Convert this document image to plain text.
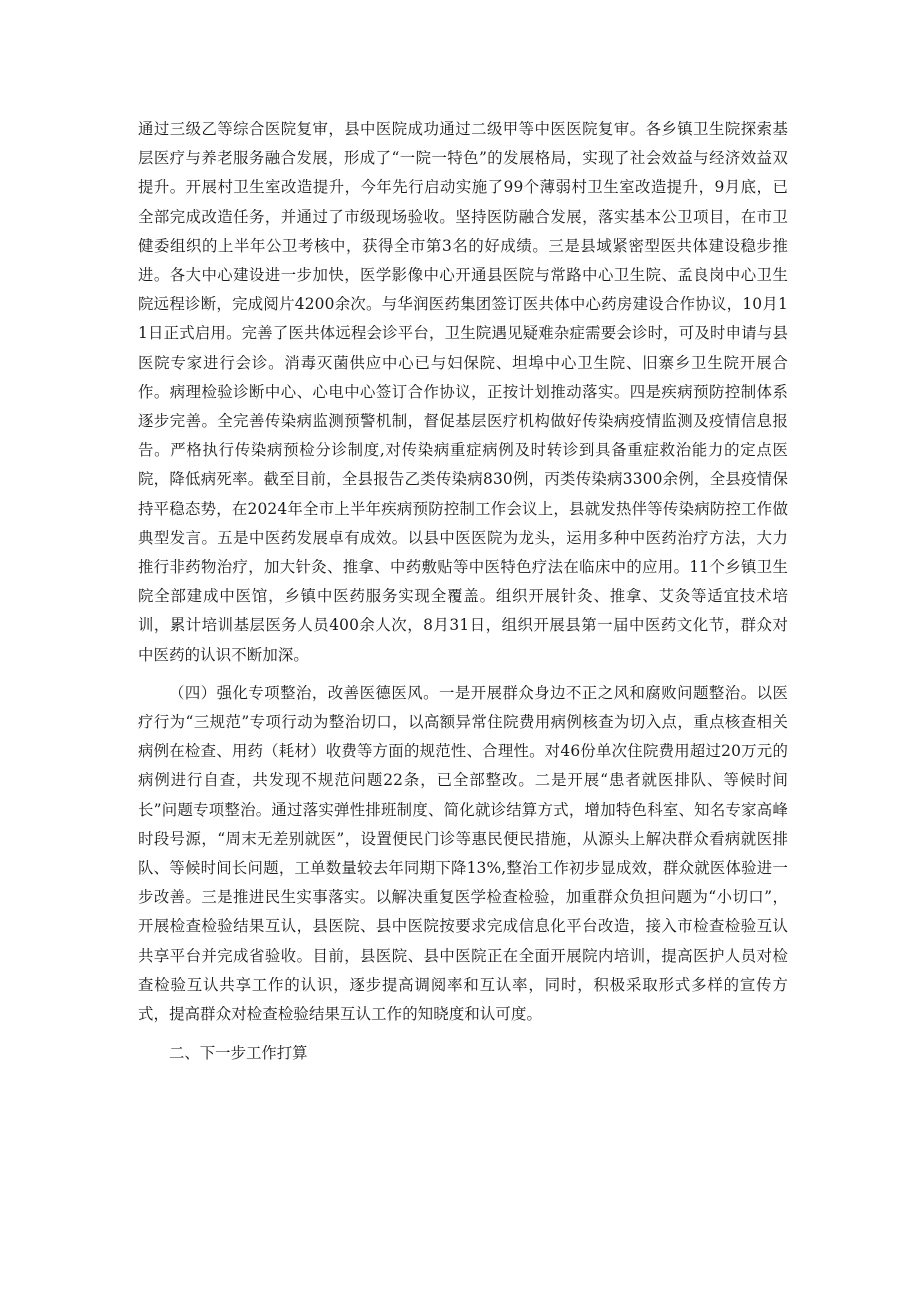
通过三级乙等综合医院复审，县中医院成功通过二级甲等中医医院复审。各乡镇卫生院探索基层医疗与养老服务融合发展，形成了“一院一特色”的发展格局，实现了社会效益与经济效益双提升。开展村卫生室改造提升，今年先行启动实施了99个薄弱村卫生室改造提升，9月底，已全部完成改造任务，并通过了市级现场验收。坚持医防融合发展，落实基本公卫项目，在市卫健委组织的上半年公卫考核中，获得全市第3名的好成绩。三是县域紧密型医共体建设稳步推进。各大中心建设进一步加快，医学影像中心开通县医院与常路中心卫生院、孟良岗中心卫生院远程诊断，完成阅片4200余次。与华润医药集团签订医共体中心药房建设合作协议，10月11日正式启用。完善了医共体远程会诊平台，卫生院遇见疑难杂症需要会诊时，可及时申请与县医院专家进行会诊。消毒灭菌供应中心已与妇保院、坦埠中心卫生院、旧寨乡卫生院开展合作。病理检验诊断中心、心电中心签订合作协议，正按计划推动落实。四是疾病预防控制体系逐步完善。全完善传染病监测预警机制，督促基层医疗机构做好传染病疫情监测及疫情信息报告。严格执行传染病预检分诊制度,对传染病重症病例及时转诊到具备重症救治能力的定点医院，降低病死率。截至目前，全县报告乙类传染病830例，丙类传染病3300余例，全县疫情保持平稳态势，在2024年全市上半年疾病预防控制工作会议上，县就发热伴等传染病防控工作做典型发言。五是中医药发展卓有成效。以县中医医院为龙头，运用多种中医药治疗方法，大力推行非药物治疗，加大针灸、推拿、中药敷贴等中医特色疗法在临床中的应用。11个乡镇卫生院全部建成中医馆，乡镇中医药服务实现全覆盖。组织开展针灸、推拿、艾灸等适宜技术培训，累计培训基层医务人员400余人次，8月31日，组织开展县第一届中医药文化节，群众对中医药的认识不断加深。

（四）强化专项整治，改善医德医风。一是开展群众身边不正之风和腐败问题整治。以医疗行为“三规范”专项行动为整治切口，以高额异常住院费用病例核查为切入点，重点核查相关病例在检查、用药（耗材）收费等方面的规范性、合理性。对46份单次住院费用超过20万元的病例进行自查，共发现不规范问题22条，已全部整改。二是开展“患者就医排队、等候时间长”问题专项整治。通过落实弹性排班制度、简化就诊结算方式，增加特色科室、知名专家高峰时段号源，“周末无差别就医”，设置便民门诊等惠民便民措施，从源头上解决群众看病就医排队、等候时间长问题，工单数量较去年同期下降13%,整治工作初步显成效，群众就医体验进一步改善。三是推进民生实事落实。以解决重复医学检查检验，加重群众负担问题为“小切口”，开展检查检验结果互认，县医院、县中医院按要求完成信息化平台改造，接入市检查检验互认共享平台并完成省验收。目前，县医院、县中医院正在全面开展院内培训，提高医护人员对检查检验互认共享工作的认识，逐步提高调阅率和互认率，同时，积极采取形式多样的宣传方式，提高群众对检查检验结果互认工作的知晓度和认可度。

二、下一步工作打算
